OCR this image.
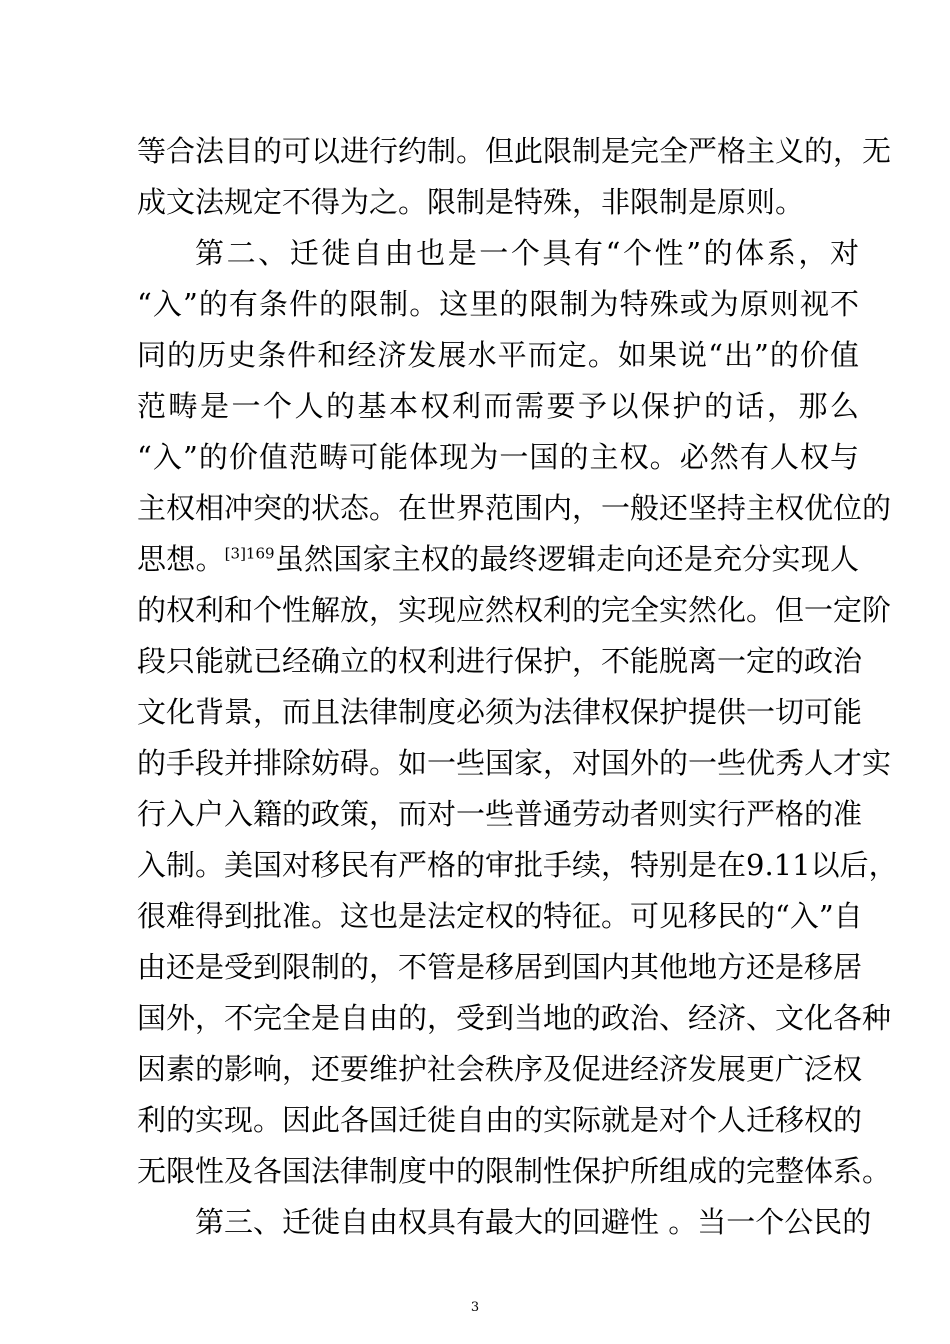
等合法目的可以进行约制。但此限制是完全严格主义的，无
成文法规定不得为之。限制是特殊，非限制是原则。
第二、迁徙自由也是一个具有“个性”的体系，对
“入”的有条件的限制。这里的限制为特殊或为原则视不
同的历史条件和经济发展水平而定。如果说“出”的价值
范畴是一个人的基本权利而需要予以保护的话，那么
“入”的价值范畴可能体现为一国的主权。必然有人权与
主权相冲突的状态。在世界范围内，一般还坚持主权优位的
思想。$^{[3]169}$虽然国家主权的最终逻辑走向还是充分实现人
的权利和个性解放，实现应然权利的完全实然化。但一定阶
段只能就已经确立的权利进行保护，不能脱离一定的政治
文化背景，而且法律制度必须为法律权保护提供一切可能
的手段并排除妨碍。如一些国家，对国外的一些优秀人才实
行入户入籍的政策，而对一些普通劳动者则实行严格的准
入制。美国对移民有严格的审批手续，特别是在9.11以后，
很难得到批准。这也是法定权的特征。可见移民的“入”自
由还是受到限制的，不管是移居到国内其他地方还是移居
国外，不完全是自由的，受到当地的政治、经济、文化各种
因素的影响，还要维护社会秩序及促进经济发展更广泛权
利的实现。因此各国迁徙自由的实际就是对个人迁移权的
无限性及各国法律制度中的限制性保护所组成的完整体系。
第三、迁徙自由权具有最大的回避性 。当一个公民的
3
